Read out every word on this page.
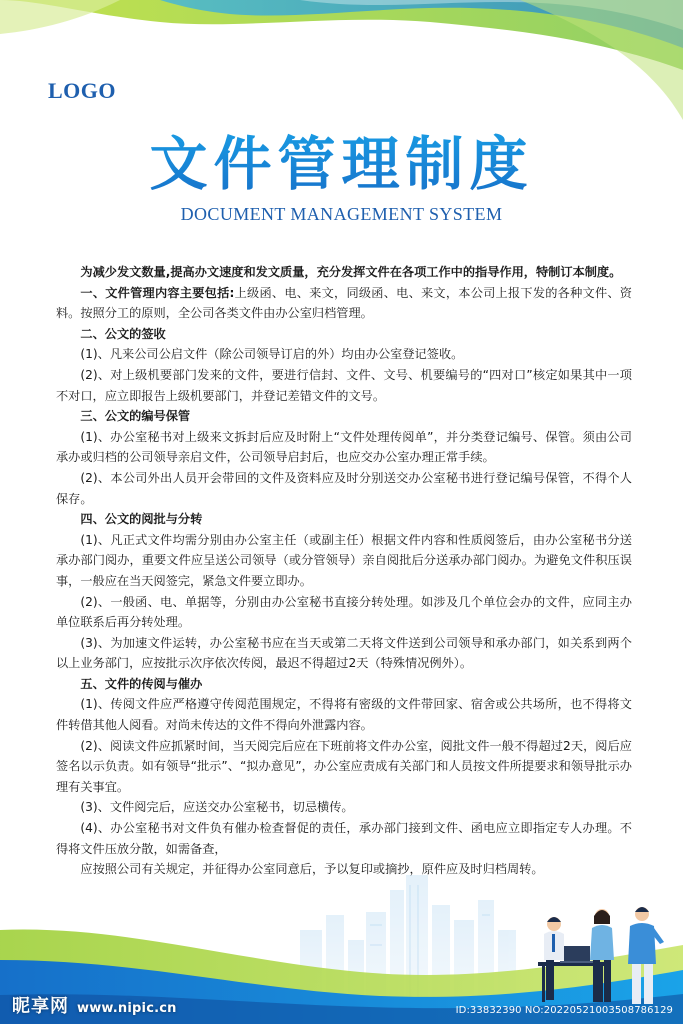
LOGO
文件管理制度
DOCUMENT MANAGEMENT SYSTEM

为减少发文数量,提高办文速度和发文质量，充分发挥文件在各项工作中的指导作用，特制订本制度。

一、文件管理内容主要包括:上级函、电、来文，同级函、电、来文，本公司上报下发的各种文件、资料。按照分工的原则，全公司各类文件由办公室归档管理。

二、公文的签收

(1)、凡来公司公启文件（除公司领导订启的外）均由办公室登记签收。

(2)、对上级机要部门发来的文件，要进行信封、文件、文号、机要编号的“四对口”核定如果其中一项不对口，应立即报告上级机要部门，并登记差错文件的文号。

三、公文的编号保管

(1)、办公室秘书对上级来文拆封后应及时附上“文件处理传阅单”，并分类登记编号、保管。须由公司承办或归档的公司领导亲启文件，公司领导启封后，也应交办公室办理正常手续。

(2)、本公司外出人员开会带回的文件及资料应及时分别送交办公室秘书进行登记编号保管，不得个人保存。

四、公文的阅批与分转

(1)、凡正式文件均需分别由办公室主任（或副主任）根据文件内容和性质阅签后，由办公室秘书分送承办部门阅办，重要文件应呈送公司领导（或分管领导）亲自阅批后分送承办部门阅办。为避免文件积压误事，一般应在当天阅签完，紧急文件要立即办。

(2)、一般函、电、单据等，分别由办公室秘书直接分转处理。如涉及几个单位会办的文件，应同主办单位联系后再分转处理。

(3)、为加速文件运转，办公室秘书应在当天或第二天将文件送到公司领导和承办部门，如关系到两个以上业务部门，应按批示次序依次传阅，最迟不得超过2天（特殊情况例外）。

五、文件的传阅与催办

(1)、传阅文件应严格遵守传阅范围规定，不得将有密级的文件带回家、宿舍或公共场所，也不得将文件转借其他人阅看。对尚未传达的文件不得向外泄露内容。

(2)、阅读文件应抓紧时间，当天阅完后应在下班前将文件办公室，阅批文件一般不得超过2天，阅后应签名以示负责。如有领导“批示”、“拟办意见”，办公室应责成有关部门和人员按文件所提要求和领导批示办理有关事宜。

(3)、文件阅完后，应送交办公室秘书，切忌横传。

(4)、办公室秘书对文件负有催办检查督促的责任，承办部门接到文件、函电应立即指定专人办理。不得将文件压放分散，如需备查，

应按照公司有关规定，并征得办公室同意后，予以复印或摘抄，原件应及时归档周转。

昵享网 www.nipic.cn	ID:33832390 NO:20220521003508786129
